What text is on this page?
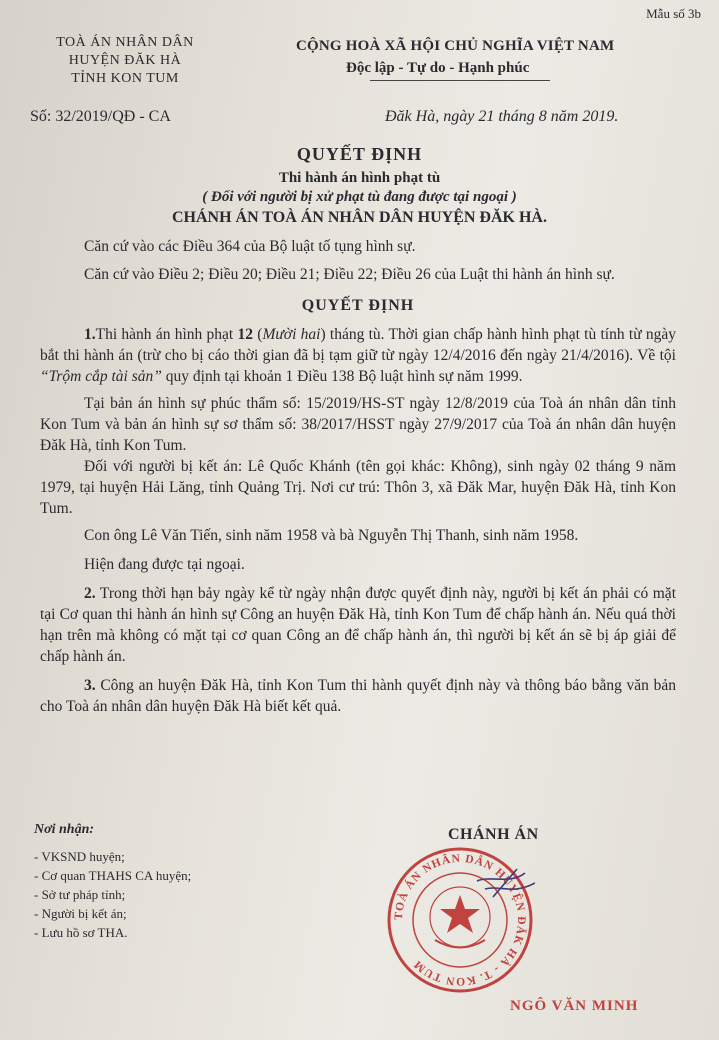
Mẫu số 3b
TOÀ ÁN NHÂN DÂN
HUYỆN ĐĂK HÀ
TỈNH KON TUM
CỘNG HOÀ XÃ HỘI CHỦ NGHĨA VIỆT NAM
Độc lập - Tự do - Hạnh phúc
Số: 32/2019/QĐ - CA	Đăk Hà, ngày 21 tháng 8 năm 2019.
QUYẾT ĐỊNH
Thi hành án hình phạt tù
( Đối với người bị xử phạt tù đang được tại ngoại )
CHÁNH ÁN TOÀ ÁN NHÂN DÂN HUYỆN ĐĂK HÀ.

Căn cứ vào các Điều 364 của Bộ luật tố tụng hình sự.

Căn cứ vào Điều 2; Điều 20; Điều 21; Điều 22; Điều 26 của Luật thi hành án hình sự.

QUYẾT ĐỊNH

1.Thi hành án hình phạt 12 (Mười hai) tháng tù. Thời gian chấp hành hình phạt tù tính từ ngày bắt thi hành án (trừ cho bị cáo thời gian đã bị tạm giữ từ ngày 12/4/2016 đến ngày 21/4/2016). Về tội “Trộm cắp tài sản” quy định tại khoản 1 Điều 138 Bộ luật hình sự năm 1999.

Tại bản án hình sự phúc thẩm số: 15/2019/HS-ST ngày 12/8/2019 của Toà án nhân dân tỉnh Kon Tum và bản án hình sự sơ thẩm số: 38/2017/HSST ngày 27/9/2017 của Toà án nhân dân huyện Đăk Hà, tỉnh Kon Tum.

Đối với người bị kết án: Lê Quốc Khánh (tên gọi khác: Không), sinh ngày 02 tháng 9 năm 1979, tại huyện Hải Lăng, tỉnh Quảng Trị. Nơi cư trú: Thôn 3, xã Đăk Mar, huyện Đăk Hà, tỉnh Kon Tum.

Con ông Lê Văn Tiến, sinh năm 1958 và bà Nguyễn Thị Thanh, sinh năm 1958.

Hiện đang được tại ngoại.

2. Trong thời hạn bảy ngày kể từ ngày nhận được quyết định này, người bị kết án phải có mặt tại Cơ quan thi hành án hình sự Công an huyện Đăk Hà, tỉnh Kon Tum để chấp hành án. Nếu quá thời hạn trên mà không có mặt tại cơ quan Công an để chấp hành án, thì người bị kết án sẽ bị áp giải để chấp hành án.

3. Công an huyện Đăk Hà, tỉnh Kon Tum thi hành quyết định này và thông báo bằng văn bản cho Toà án nhân dân huyện Đăk Hà biết kết quả.

Nơi nhận:
- VKSND huyện;
- Cơ quan THAHS CA huyện;
- Sở tư pháp tỉnh;
- Người bị kết án;
- Lưu hồ sơ THA.
CHÁNH ÁN
TOÀ ÁN NHÂN DÂN HUYỆN ĐĂK HÀ - T. KON TUM
NGÔ VĂN MINH
